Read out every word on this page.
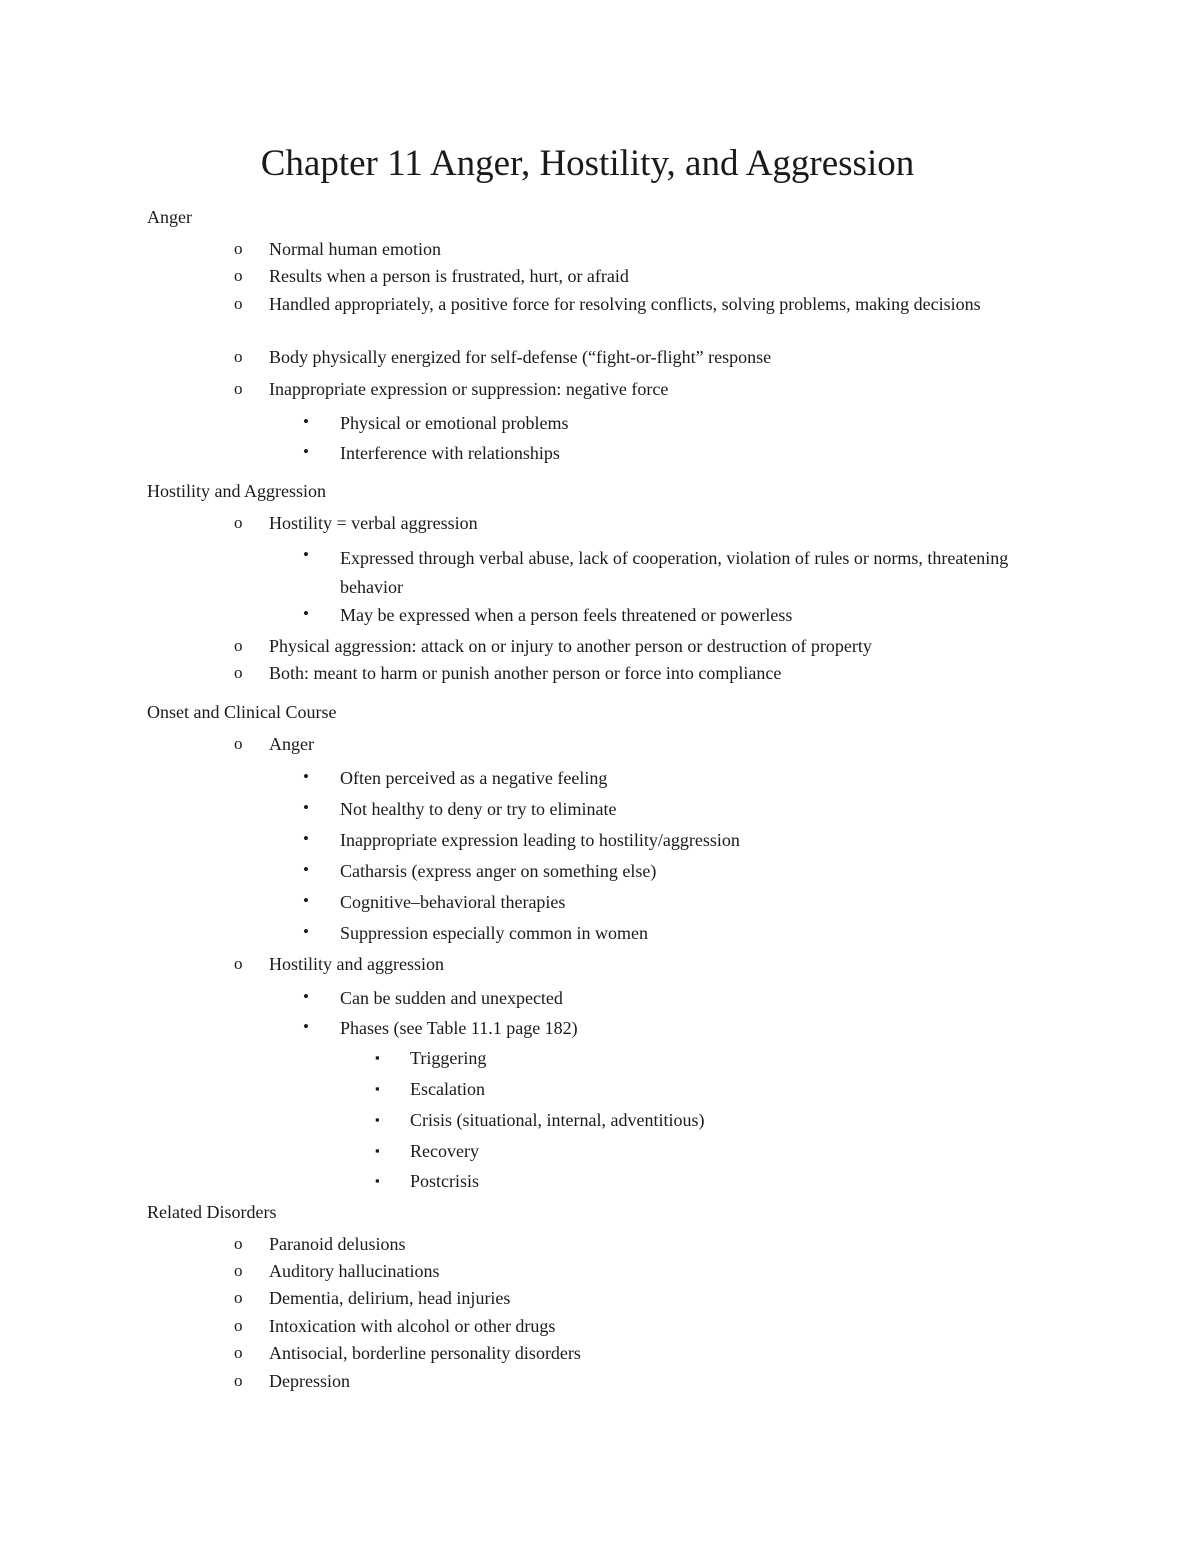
Chapter 11 Anger, Hostility, and Aggression
Anger
o Normal human emotion
o Results when a person is frustrated, hurt, or afraid
o Handled appropriately, a positive force for resolving conflicts, solving problems, making decisions
o Body physically energized for self-defense (“fight-or-flight” response
o Inappropriate expression or suppression: negative force
• Physical or emotional problems
• Interference with relationships
Hostility and Aggression
o Hostility = verbal aggression
• Expressed through verbal abuse, lack of cooperation, violation of rules or norms, threatening behavior
• May be expressed when a person feels threatened or powerless
o Physical aggression: attack on or injury to another person or destruction of property
o Both: meant to harm or punish another person or force into compliance
Onset and Clinical Course
o Anger
• Often perceived as a negative feeling
• Not healthy to deny or try to eliminate
• Inappropriate expression leading to hostility/aggression
• Catharsis (express anger on something else)
• Cognitive–behavioral therapies
• Suppression especially common in women
o Hostility and aggression
• Can be sudden and unexpected
• Phases (see Table 11.1 page 182)
▪ Triggering
▪ Escalation
▪ Crisis (situational, internal, adventitious)
▪ Recovery
▪ Postcrisis
Related Disorders
o Paranoid delusions
o Auditory hallucinations
o Dementia, delirium, head injuries
o Intoxication with alcohol or other drugs
o Antisocial, borderline personality disorders
o Depression
